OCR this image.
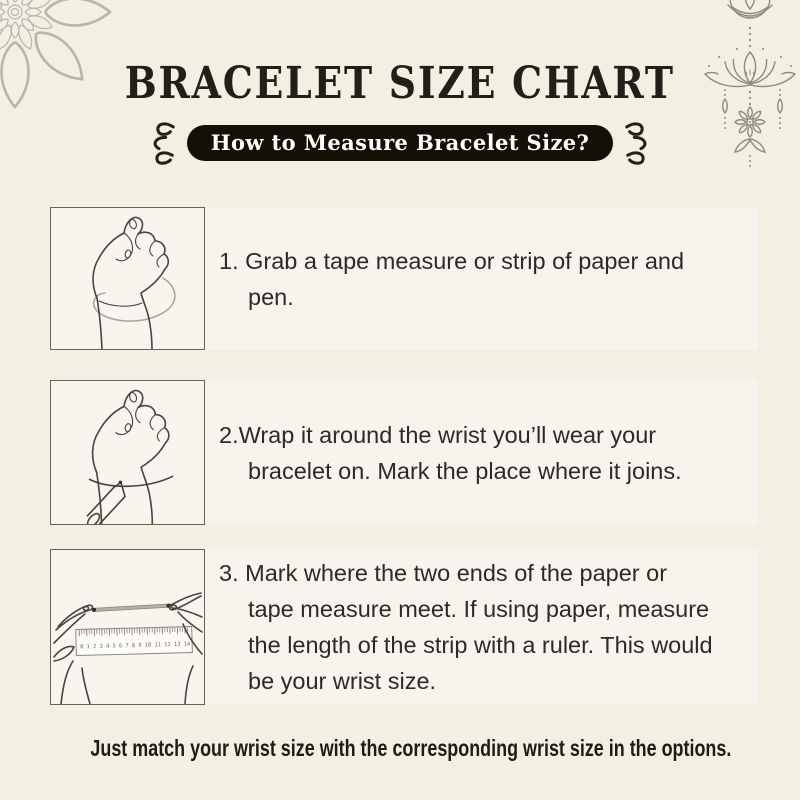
BRACELET SIZE CHART
How to Measure Bracelet Size?
1. Grab a tape measure or strip of paper and
pen.
2.Wrap it around the wrist you’ll wear your
bracelet on. Mark the place where it joins.
0 1 2 3 4 5 6 7 8 9 10 11 12 13 14
3. Mark where the two ends of the paper or
tape measure meet. If using paper, measure
the length of the strip with a ruler. This would
be your wrist size.

Just match your wrist size with the corresponding wrist size in the options.
